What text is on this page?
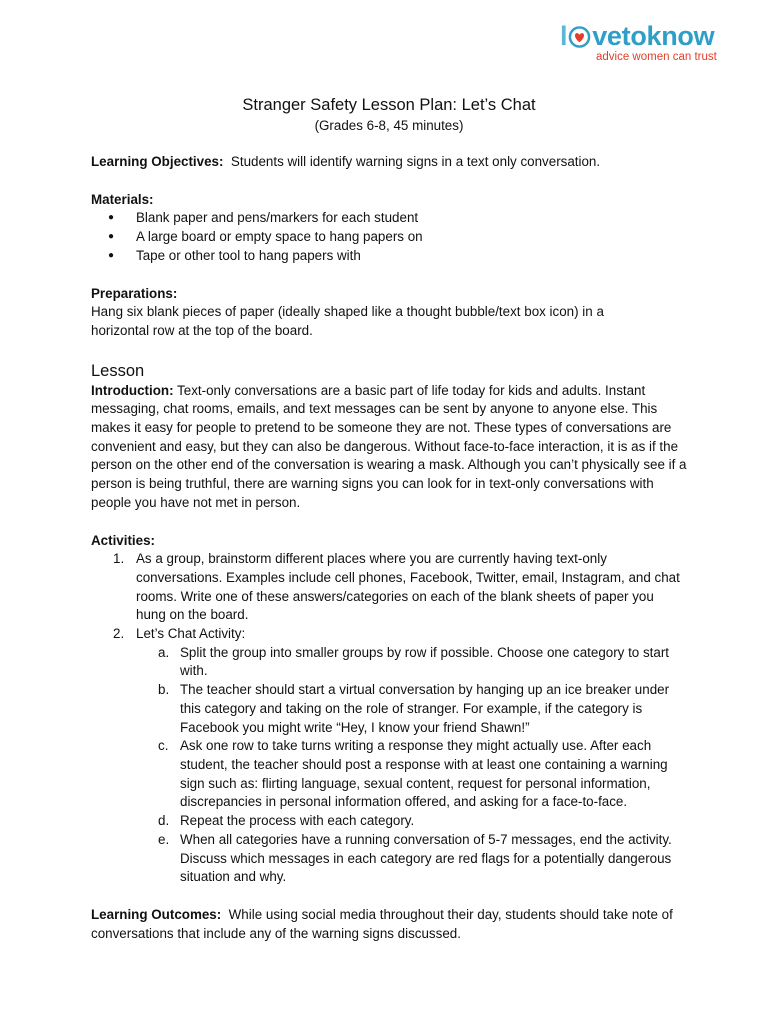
l vetoknow
advice women can trust
Stranger Safety Lesson Plan: Let’s Chat
(Grades 6-8, 45 minutes)
Learning Objectives: Students will identify warning signs in a text only conversation.
Materials:
● Blank paper and pens/markers for each student
● A large board or empty space to hang papers on
● Tape or other tool to hang papers with
Preparations:
Hang six blank pieces of paper (ideally shaped like a thought bubble/text box icon) in a horizontal row at the top of the board.
Lesson
Introduction: Text-only conversations are a basic part of life today for kids and adults. Instant messaging, chat rooms, emails, and text messages can be sent by anyone to anyone else. This makes it easy for people to pretend to be someone they are not. These types of conversations are convenient and easy, but they can also be dangerous. Without face-to-face interaction, it is as if the person on the other end of the conversation is wearing a mask. Although you can’t physically see if a person is being truthful, there are warning signs you can look for in text-only conversations with people you have not met in person.
Activities:
1. As a group, brainstorm different places where you are currently having text-only conversations. Examples include cell phones, Facebook, Twitter, email, Instagram, and chat rooms. Write one of these answers/categories on each of the blank sheets of paper you hung on the board.
2. Let’s Chat Activity:
a. Split the group into smaller groups by row if possible. Choose one category to start with.
b. The teacher should start a virtual conversation by hanging up an ice breaker under this category and taking on the role of stranger. For example, if the category is Facebook you might write “Hey, I know your friend Shawn!”
c. Ask one row to take turns writing a response they might actually use. After each student, the teacher should post a response with at least one containing a warning sign such as: flirting language, sexual content, request for personal information, discrepancies in personal information offered, and asking for a face-to-face.
d. Repeat the process with each category.
e. When all categories have a running conversation of 5-7 messages, end the activity. Discuss which messages in each category are red flags for a potentially dangerous situation and why.
Learning Outcomes: While using social media throughout their day, students should take note of conversations that include any of the warning signs discussed.
